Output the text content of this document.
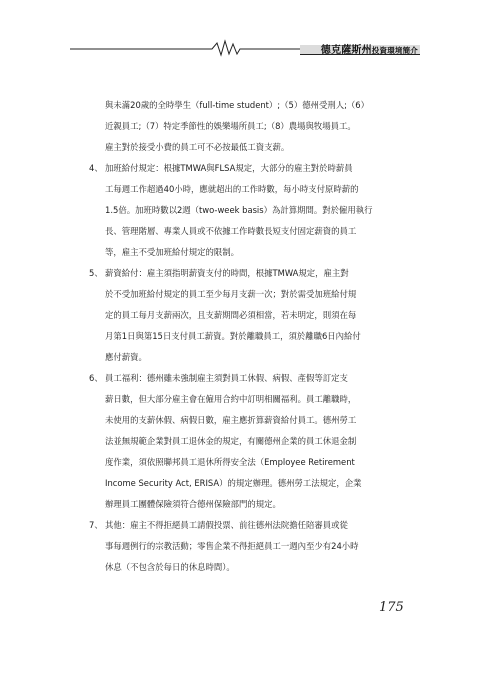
德克薩斯州投資環境簡介
與未滿20歲的全時學生（full-time student）;（5）德州受刑人;（6）
近親員工;（7）特定季節性的娛樂場所員工;（8）農場與牧場員工。
雇主對於接受小費的員工可不必按最低工資支薪。
4、 加班給付規定：根據TMWA與FLSA規定，大部分的雇主對於時薪員
工每週工作超過40小時，應就超出的工作時數，每小時支付原時薪的
1.5倍。加班時數以2週（two-week basis）為計算期間。對於僱用執行
長、管理階層、專業人員或不依據工作時數長短支付固定薪資的員工
等，雇主不受加班給付規定的限制。
5、 薪資給付：雇主須指明薪資支付的時間，根據TMWA規定，雇主對
於不受加班給付規定的員工至少每月支薪一次；對於需受加班給付規
定的員工每月支薪兩次，且支薪期間必須相當，若未明定，則須在每
月第1日與第15日支付員工薪資。對於離職員工，須於離職6日內給付
應付薪資。
6、 員工福利：德州雖未強制雇主須對員工休假、病假、產假等訂定支
薪日數，但大部分雇主會在僱用合約中訂明相關福利。員工離職時，
未使用的支薪休假、病假日數，雇主應折算薪資給付員工。德州勞工
法並無規範企業對員工退休金的規定，有關德州企業的員工休退金制
度作業，須依照聯邦員工退休所得安全法（Employee Retirement
Income Security Act, ERISA）的規定辦理。德州勞工法規定，企業
辦理員工團體保險須符合德州保險部門的規定。
7、 其他：雇主不得拒絕員工請假投票、前往德州法院擔任陪審員或從
事每週例行的宗教活動；零售企業不得拒絕員工一週內至少有24小時
休息（不包含於每日的休息時間）。
175
